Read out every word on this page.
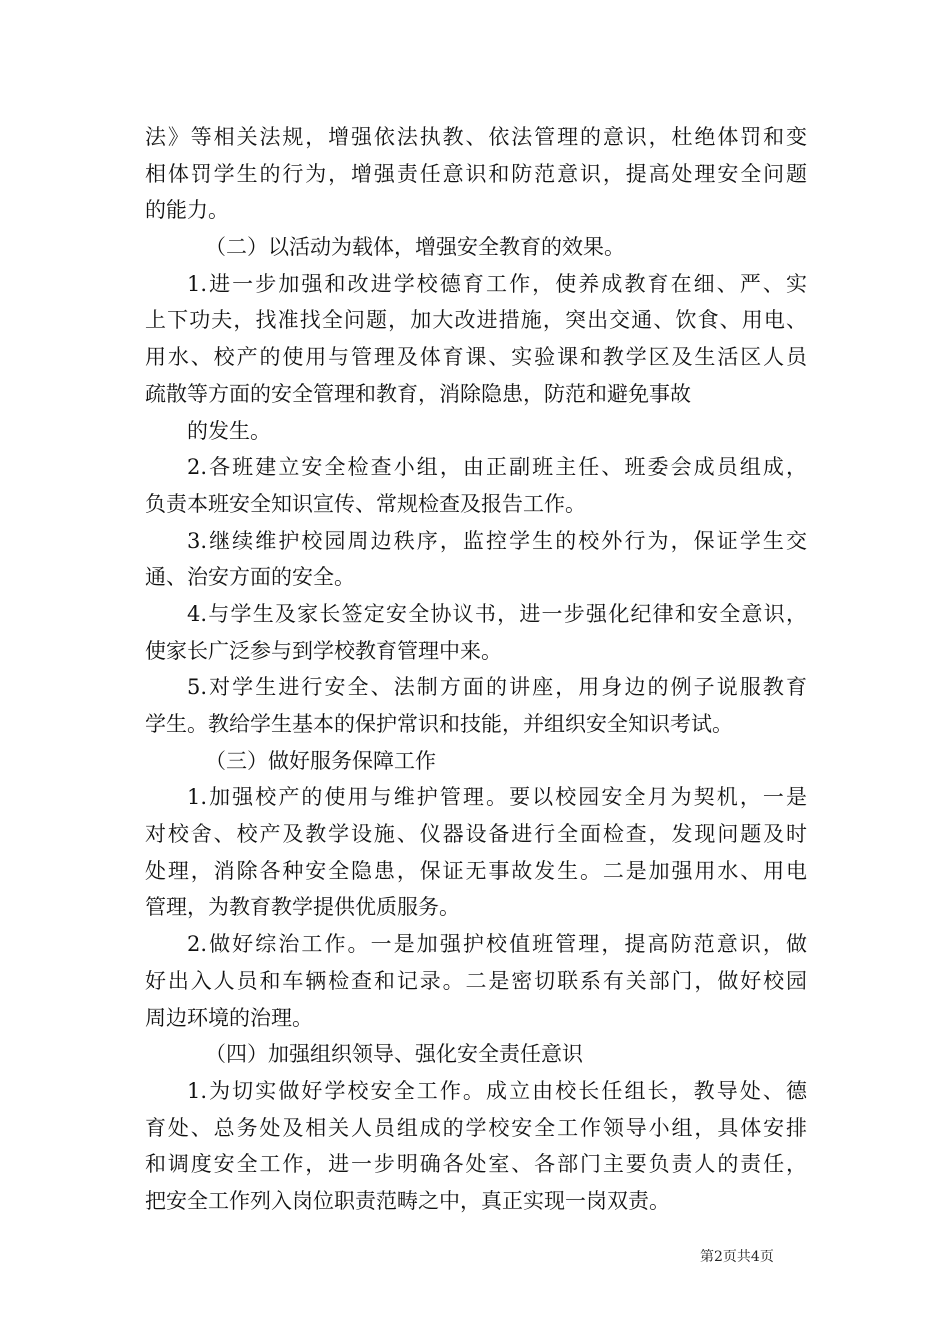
法》等相关法规，增强依法执教、依法管理的意识，杜绝体罚和变
相体罚学生的行为，增强责任意识和防范意识，提高处理安全问题
的能力。
（二）以活动为载体，增强安全教育的效果。
1.进一步加强和改进学校德育工作，使养成教育在细、严、实
上下功夫，找准找全问题，加大改进措施，突出交通、饮食、用电、
用水、校产的使用与管理及体育课、实验课和教学区及生活区人员
疏散等方面的安全管理和教育，消除隐患，防范和避免事故
的发生。
2.各班建立安全检查小组，由正副班主任、班委会成员组成，
负责本班安全知识宣传、常规检查及报告工作。
3.继续维护校园周边秩序，监控学生的校外行为，保证学生交
通、治安方面的安全。
4.与学生及家长签定安全协议书，进一步强化纪律和安全意识，
使家长广泛参与到学校教育管理中来。
5.对学生进行安全、法制方面的讲座，用身边的例子说服教育
学生。教给学生基本的保护常识和技能，并组织安全知识考试。
（三）做好服务保障工作
1.加强校产的使用与维护管理。要以校园安全月为契机，一是
对校舍、校产及教学设施、仪器设备进行全面检查，发现问题及时
处理，消除各种安全隐患，保证无事故发生。二是加强用水、用电
管理，为教育教学提供优质服务。
2.做好综治工作。一是加强护校值班管理，提高防范意识，做
好出入人员和车辆检查和记录。二是密切联系有关部门，做好校园
周边环境的治理。
（四）加强组织领导、强化安全责任意识
1.为切实做好学校安全工作。成立由校长任组长，教导处、德
育处、总务处及相关人员组成的学校安全工作领导小组，具体安排
和调度安全工作，进一步明确各处室、各部门主要负责人的责任，
把安全工作列入岗位职责范畴之中，真正实现一岗双责。
第2页共4页
